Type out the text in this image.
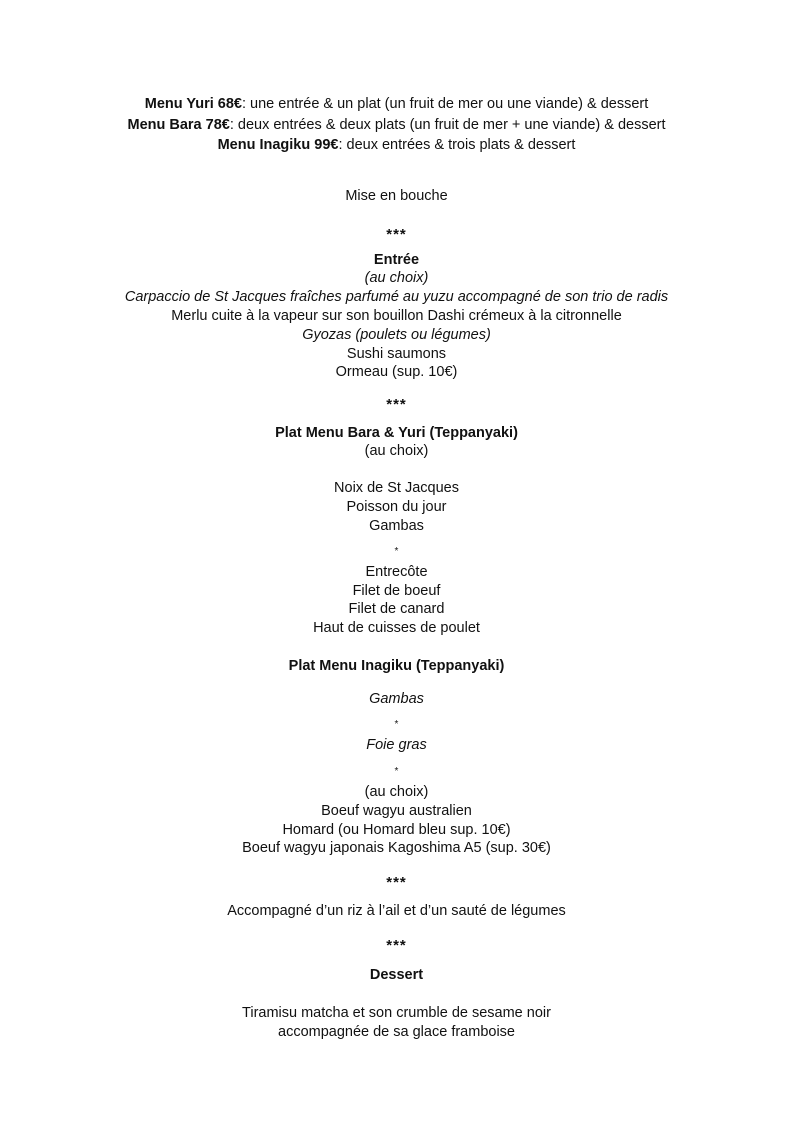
Menu Yuri 68€: une entrée & un plat (un fruit de mer ou une viande) & dessert
Menu Bara 78€: deux entrées & deux plats (un fruit de mer + une viande) & dessert
Menu Inagiku 99€: deux entrées & trois plats & dessert
Mise en bouche
***
Entrée
(au choix)
Carpaccio de St Jacques fraîches parfumé au yuzu accompagné de son trio de radis
Merlu cuite à la vapeur sur son bouillon Dashi crémeux à la citronnelle
Gyozas (poulets ou légumes)
Sushi saumons
Ormeau (sup. 10€)
***
Plat Menu Bara & Yuri (Teppanyaki)
(au choix)
Noix de St Jacques
Poisson du jour
Gambas
*
Entrecôte
Filet de boeuf
Filet de canard
Haut de cuisses de poulet
Plat Menu Inagiku (Teppanyaki)
Gambas
*
Foie gras
*
(au choix)
Boeuf wagyu australien
Homard (ou Homard bleu sup. 10€)
Boeuf wagyu japonais Kagoshima A5 (sup. 30€)
***
Accompagné d’un riz à l’ail et d’un sauté de légumes
***
Dessert
Tiramisu matcha et son crumble de sesame noir
accompagnée de sa glace framboise
